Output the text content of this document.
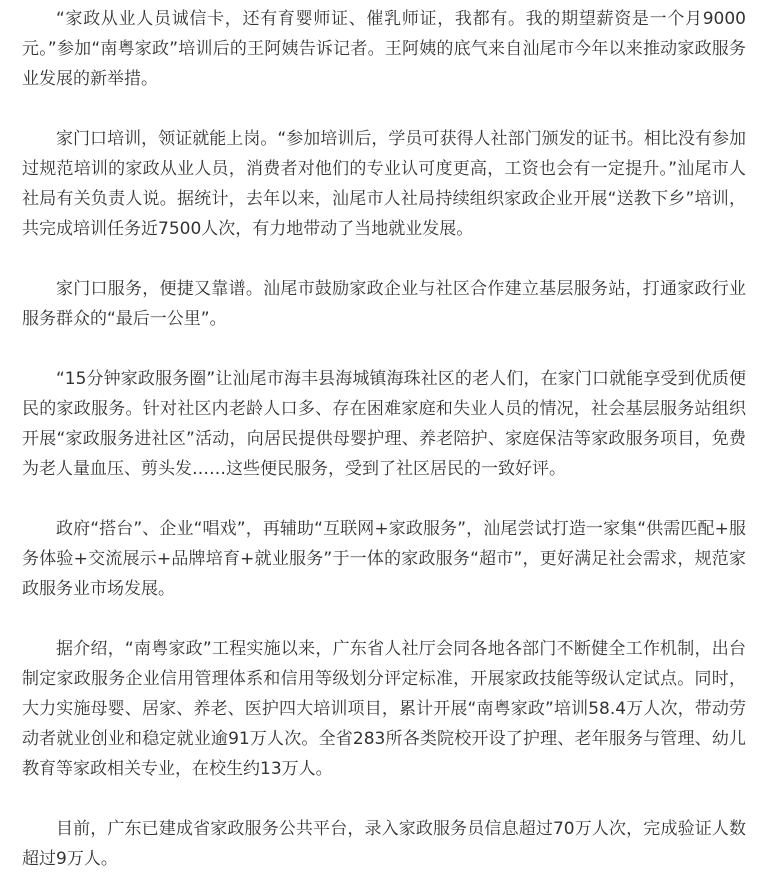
“家政从业人员诚信卡，还有育婴师证、催乳师证，我都有。我的期望薪资是一个月9000元。”参加“南粤家政”培训后的王阿姨告诉记者。王阿姨的底气来自汕尾市今年以来推动家政服务业发展的新举措。

家门口培训，领证就能上岗。“参加培训后，学员可获得人社部门颁发的证书。相比没有参加过规范培训的家政从业人员，消费者对他们的专业认可度更高，工资也会有一定提升。”汕尾市人社局有关负责人说。据统计，去年以来，汕尾市人社局持续组织家政企业开展“送教下乡”培训，共完成培训任务近7500人次，有力地带动了当地就业发展。

家门口服务，便捷又靠谱。汕尾市鼓励家政企业与社区合作建立基层服务站，打通家政行业服务群众的“最后一公里”。

“15分钟家政服务圈”让汕尾市海丰县海城镇海珠社区的老人们，在家门口就能享受到优质便民的家政服务。针对社区内老龄人口多、存在困难家庭和失业人员的情况，社会基层服务站组织开展“家政服务进社区”活动，向居民提供母婴护理、养老陪护、家庭保洁等家政服务项目，免费为老人量血压、剪头发……这些便民服务，受到了社区居民的一致好评。

政府“搭台”、企业“唱戏”，再辅助“互联网+家政服务”，汕尾尝试打造一家集“供需匹配+服务体验+交流展示+品牌培育+就业服务”于一体的家政服务“超市”，更好满足社会需求，规范家政服务业市场发展。

据介绍，“南粤家政”工程实施以来，广东省人社厅会同各地各部门不断健全工作机制，出台制定家政服务企业信用管理体系和信用等级划分评定标准，开展家政技能等级认定试点。同时，大力实施母婴、居家、养老、医护四大培训项目，累计开展“南粤家政”培训58.4万人次，带动劳动者就业创业和稳定就业逾91万人次。全省283所各类院校开设了护理、老年服务与管理、幼儿教育等家政相关专业，在校生约13万人。

目前，广东已建成省家政服务公共平台，录入家政服务员信息超过70万人次，完成验证人数超过9万人。
